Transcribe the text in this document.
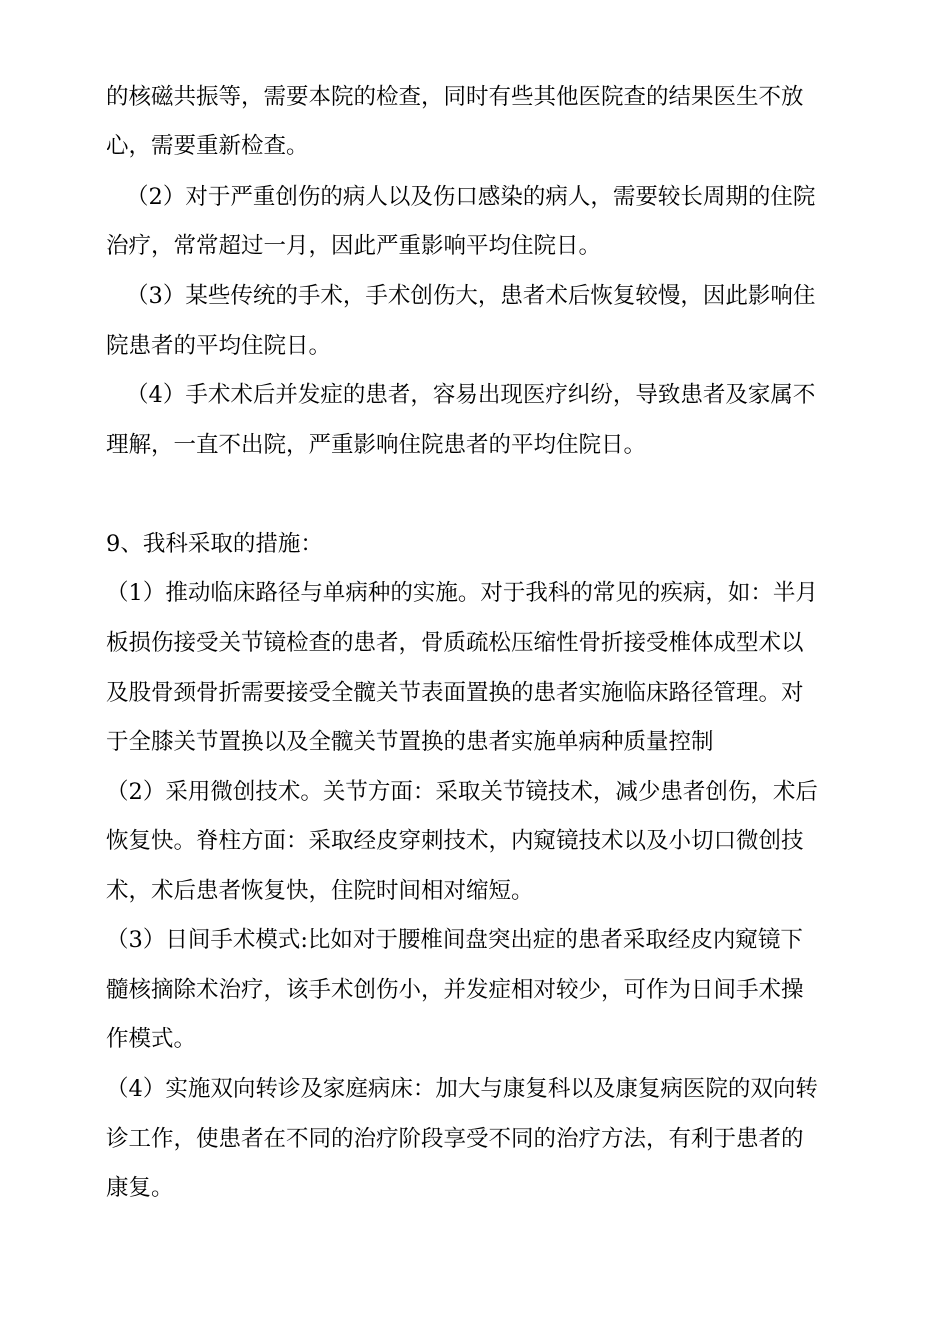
的核磁共振等，需要本院的检查，同时有些其他医院查的结果医生不放
心，需要重新检查。
（2）对于严重创伤的病人以及伤口感染的病人，需要较长周期的住院
治疗，常常超过一月，因此严重影响平均住院日。
（3）某些传统的手术，手术创伤大，患者术后恢复较慢，因此影响住
院患者的平均住院日。
（4）手术术后并发症的患者，容易出现医疗纠纷，导致患者及家属不
理解，一直不出院，严重影响住院患者的平均住院日。
9、我科采取的措施：
（1）推动临床路径与单病种的实施。对于我科的常见的疾病，如：半月
板损伤接受关节镜检查的患者，骨质疏松压缩性骨折接受椎体成型术以
及股骨颈骨折需要接受全髋关节表面置换的患者实施临床路径管理。对
于全膝关节置换以及全髋关节置换的患者实施单病种质量控制
（2）采用微创技术。关节方面：采取关节镜技术，减少患者创伤，术后
恢复快。脊柱方面：采取经皮穿刺技术，内窥镜技术以及小切口微创技
术，术后患者恢复快，住院时间相对缩短。
（3）日间手术模式:比如对于腰椎间盘突出症的患者采取经皮内窥镜下
髓核摘除术治疗，该手术创伤小，并发症相对较少，可作为日间手术操
作模式。
（4）实施双向转诊及家庭病床：加大与康复科以及康复病医院的双向转
诊工作，使患者在不同的治疗阶段享受不同的治疗方法，有利于患者的
康复。
